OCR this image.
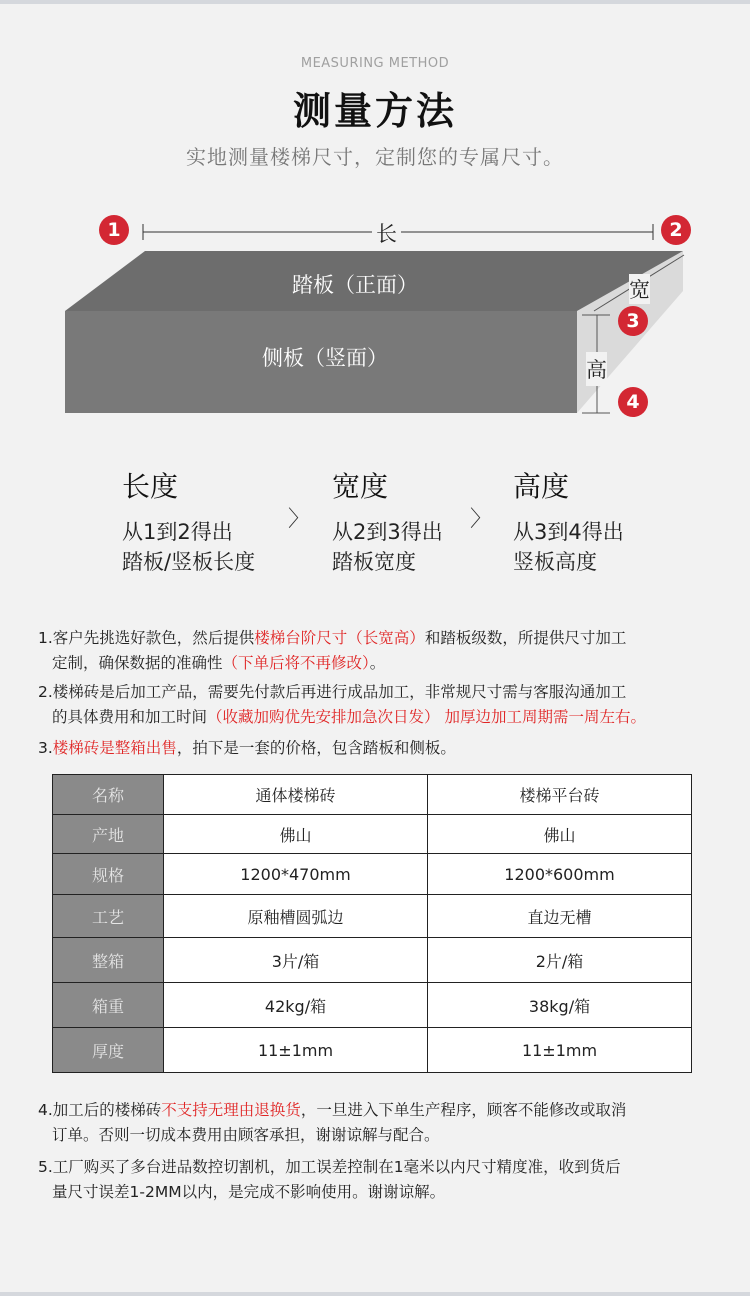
MEASURING METHOD
测量方法
实地测量楼梯尺寸，定制您的专属尺寸。
1	2
3
4
长
宽
高
踏板（正面）
侧板（竖面）
长度
从1到2得出
踏板/竖板长度
〉
宽度
从2到3得出
踏板宽度
〉
高度
从3到4得出
竖板高度
1.客户先挑选好款色，然后提供楼梯台阶尺寸（长宽高）和踏板级数，所提供尺寸加工
定制，确保数据的准确性（下单后将不再修改）。
2.楼梯砖是后加工产品，需要先付款后再进行成品加工，非常规尺寸需与客服沟通加工
的具体费用和加工时间（收藏加购优先安排加急次日发） 加厚边加工周期需一周左右。
3.楼梯砖是整箱出售，拍下是一套的价格，包含踏板和侧板。
名称	通体楼梯砖	楼梯平台砖
产地	佛山	佛山
规格	1200*470mm	1200*600mm
工艺	原釉槽圆弧边	直边无槽
整箱	3片/箱	2片/箱
箱重	42kg/箱	38kg/箱
厚度	11±1mm	11±1mm
4.加工后的楼梯砖不支持无理由退换货，一旦进入下单生产程序，顾客不能修改或取消
订单。否则一切成本费用由顾客承担，谢谢谅解与配合。
5.工厂购买了多台进品数控切割机，加工误差控制在1毫米以内尺寸精度准，收到货后
量尺寸误差1-2MM以内，是完成不影响使用。谢谢谅解。
